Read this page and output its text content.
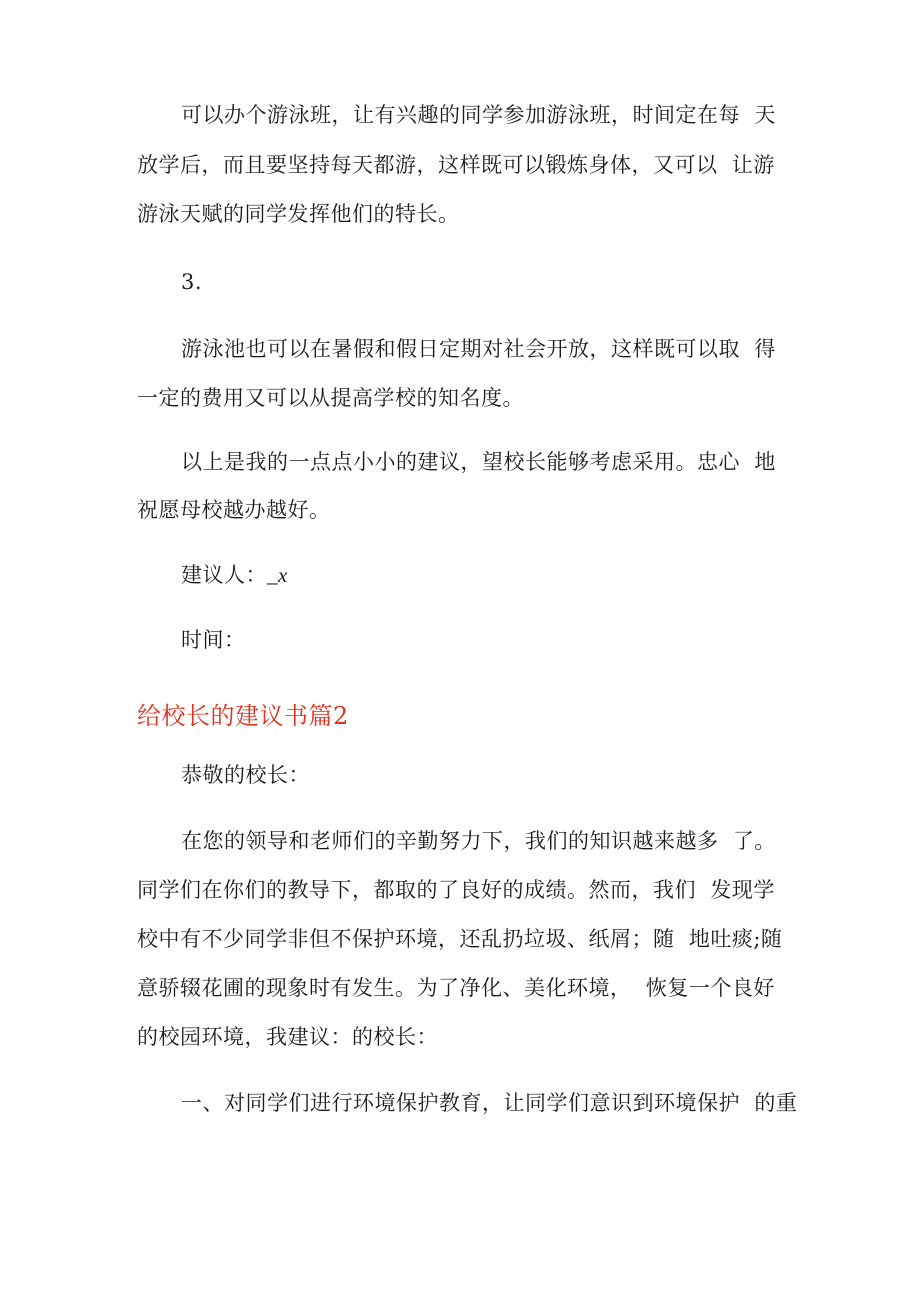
可以办个游泳班，让有兴趣的同学参加游泳班，时间定在每  天
放学后，而且要坚持每天都游，这样既可以锻炼身体，又可以  让游
游泳天赋的同学发挥他们的特长。
3.
游泳池也可以在暑假和假日定期对社会开放，这样既可以取  得
一定的费用又可以从提高学校的知名度。
以上是我的一点点小小的建议，望校长能够考虑采用。忠心  地
祝愿母校越办越好。
建议人：_x
时间：
给校长的建议书篇2
恭敬的校长：
在您的领导和老师们的辛勤努力下，我们的知识越来越多  了。
同学们在你们的教导下，都取的了良好的成绩。然而，我们  发现学
校中有不少同学非但不保护环境，还乱扔垃圾、纸屑；随  地吐痰;随
意骄辍花圃的现象时有发生。为了净化、美化环境，  恢复一个良好
的校园环境，我建议：的校长：
一、对同学们进行环境保护教育，让同学们意识到环境保护  的重
